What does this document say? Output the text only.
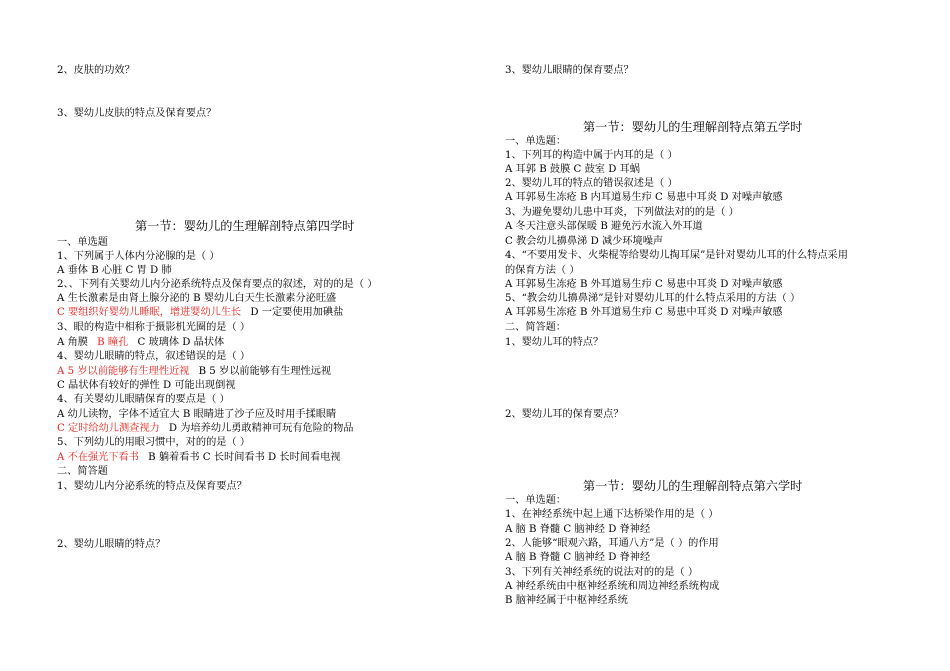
2、皮肤的功效？
3、婴幼儿皮肤的特点及保育要点？
第一节：婴幼儿的生理解剖特点第四学时
一、单选题
1、下列属于人体内分泌腺的是（ ）
A 垂体 B 心脏 C 胃 D 肺
2、、下列有关婴幼儿内分泌系统特点及保育要点的叙述，对的的是（ ）
A 生长激素是由肾上腺分泌的 B 婴幼儿白天生长激素分泌旺盛
C 要组织好婴幼儿睡眠，增进婴幼儿生长 D 一定要使用加碘盐
3、眼的构造中相称于摄影机光圈的是（ ）
A 角膜 B 瞳孔 C 玻璃体 D 晶状体
4、婴幼儿眼睛的特点，叙述错误的是（ ）
A 5 岁以前能够有生理性近视 B 5 岁以前能够有生理性远视
C 晶状体有较好的弹性 D 可能出现倒视
4、有关婴幼儿眼睛保育的要点是（ ）
A 幼儿读物，字体不适宜大 B 眼睛进了沙子应及时用手揉眼睛
C 定时给幼儿测查视力 D 为培养幼儿勇敢精神可玩有危险的物品
5、下列幼儿的用眼习惯中，对的的是（ ）
A 不在强光下看书 B 躺着看书 C 长时间看书 D 长时间看电视
二、简答题
1、婴幼儿内分泌系统的特点及保育要点？
2、婴幼儿眼睛的特点？
3、婴幼儿眼睛的保育要点？
第一节：婴幼儿的生理解剖特点第五学时
一、单选题：
1、下列耳的构造中属于内耳的是（ ）
A 耳郭 B 鼓膜 C 鼓室 D 耳蜗
2、婴幼儿耳的特点的错误叙述是（ ）
A 耳郭易生冻疮 B 内耳道易生疖 C 易患中耳炎 D 对噪声敏感
3、为避免婴幼儿患中耳炎，下列做法对的的是（ ）
A 冬天注意头部保暖 B 避免污水流入外耳道
C 教会幼儿擤鼻涕 D 减少环境噪声
4、“不要用发卡、火柴棍等给婴幼儿掏耳屎”是针对婴幼儿耳的什么特点采用
的保育方法（ ）
A 耳郭易生冻疮 B 外耳道易生疖 C 易患中耳炎 D 对噪声敏感
5、“教会幼儿擤鼻涕”是针对婴幼儿耳的什么特点采用的方法（ ）
A 耳郭易生冻疮 B 外耳道易生疖 C 易患中耳炎 D 对噪声敏感
二、简答题：
1、婴幼儿耳的特点？
2、婴幼儿耳的保育要点？
第一节：婴幼儿的生理解剖特点第六学时
一、单选题：
1、在神经系统中起上通下达桥梁作用的是（ ）
A 脑 B 脊髓 C 脑神经 D 脊神经
2、人能够“眼观六路，耳通八方”是（ ）的作用
A 脑 B 脊髓 C 脑神经 D 脊神经
3、下列有关神经系统的说法对的的是（ ）
A 神经系统由中枢神经系统和周边神经系统构成
B 脑神经属于中枢神经系统
